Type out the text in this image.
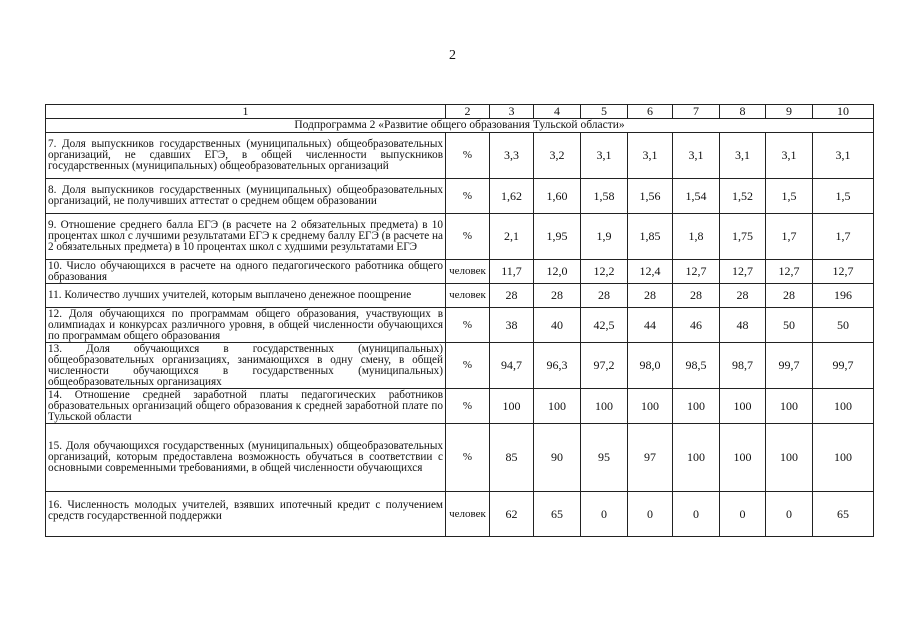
2
1	2	3	4	5	6	7	8	9	10
Подпрограмма 2 «Развитие общего образования Тульской области»									
7. Доля выпускников государственных (муниципальных) общеобразовательных организаций, не сдавших ЕГЭ, в общей численности выпускников государственных (муниципальных) общеобразовательных организаций	%	3,3	3,2	3,1	3,1	3,1	3,1	3,1	3,1
8. Доля выпускников государственных (муниципальных) общеобразовательных организаций, не получивших аттестат о среднем общем образовании	%	1,62	1,60	1,58	1,56	1,54	1,52	1,5	1,5
9. Отношение среднего балла ЕГЭ (в расчете на 2 обязательных предмета) в 10 процентах школ с лучшими результатами ЕГЭ к среднему баллу ЕГЭ (в расчете на 2 обязательных предмета) в 10 процентах школ с худшими результатами ЕГЭ	%	2,1	1,95	1,9	1,85	1,8	1,75	1,7	1,7
10. Число обучающихся в расчете на одного педагогического работника общего образования	человек	11,7	12,0	12,2	12,4	12,7	12,7	12,7	12,7
11. Количество лучших учителей, которым выплачено денежное поощрение	человек	28	28	28	28	28	28	28	196
12. Доля обучающихся по программам общего образования, участвующих в олимпиадах и конкурсах различного уровня, в общей численности обучающихся по программам общего образования	%	38	40	42,5	44	46	48	50	50
13. Доля обучающихся в государственных (муниципальных) общеобразовательных организациях, занимающихся в одну смену, в общей численности обучающихся в государственных (муниципальных) общеобразовательных организациях	%	94,7	96,3	97,2	98,0	98,5	98,7	99,7	99,7
14. Отношение средней заработной платы педагогических работников образовательных организаций общего образования к средней заработной плате по Тульской области	%	100	100	100	100	100	100	100	100
15. Доля обучающихся государственных (муниципальных) общеобразовательных организаций, которым предоставлена возможность обучаться в соответствии с основными современными требованиями, в общей численности обучающихся	%	85	90	95	97	100	100	100	100
16. Численность молодых учителей, взявших ипотечный кредит с получением средств государственной поддержки	человек	62	65	0	0	0	0	0	65
